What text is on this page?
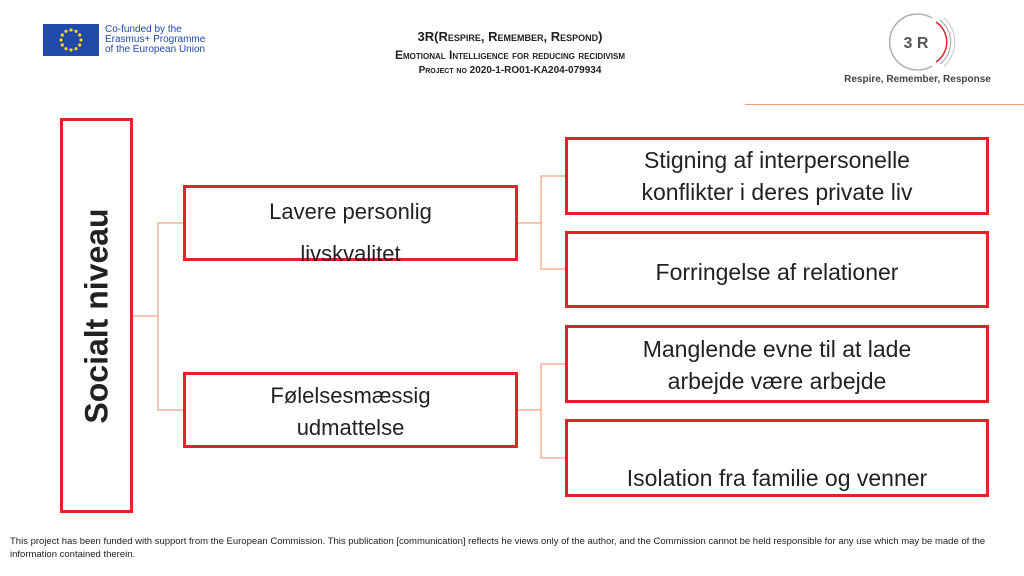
Co-funded by the
Erasmus+ Programme
of the European Union
3R(Respire, Remember, Respond)
Emotional Intelligence for reducing recidivism
Project no 2020-1-RO01-KA204-079934
3 R
Respire, Remember, Response
Socialt niveau	Lavere personlig
livskvalitet
Følelsesmæssig
udmattelse
Stigning af interpersonelle
konflikter i deres private liv
Forringelse af relationer
Manglende evne til at lade
arbejde være arbejde
Isolation fra familie og venner
This project has been funded with support from the European Commission. This publication [communication] reflects he views only of the author, and the Commission cannot be held responsible for any use which may be made of the information contained therein.
